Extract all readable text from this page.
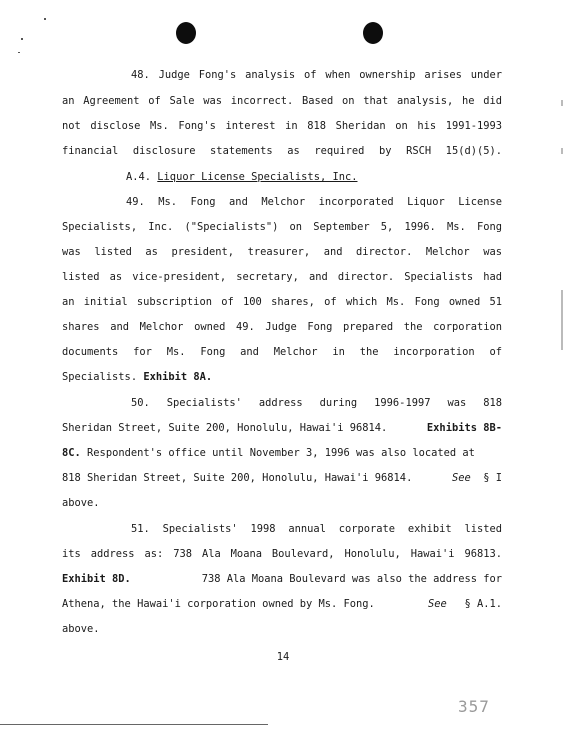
48. Judge Fong's analysis of when ownership arises under
an Agreement of Sale was incorrect. Based on that analysis, he did
not disclose Ms. Fong's interest in 818 Sheridan on his 1991-1993
financial disclosure statements as required by RSCH 15(d)(5).
A.4. Liquor License Specialists, Inc.
49. Ms. Fong and Melchor incorporated Liquor License
Specialists, Inc. ("Specialists") on September 5, 1996. Ms. Fong
was listed as president, treasurer, and director. Melchor was
listed as vice-president, secretary, and director. Specialists had
an initial subscription of 100 shares, of which Ms. Fong owned 51
shares and Melchor owned 49. Judge Fong prepared the corporation
documents for Ms. Fong and Melchor in the incorporation of
Specialists. Exhibit 8A.
50. Specialists' address during 1996-1997 was 818
Sheridan Street, Suite 200, Honolulu, Hawai'i 96814.	Exhibits 8B-
8C. Respondent's office until November 3, 1996 was also located at
818 Sheridan Street, Suite 200, Honolulu, Hawai'i 96814.	See § I
above.
51. Specialists' 1998 annual corporate exhibit listed
its address as: 738 Ala Moana Boulevard, Honolulu, Hawai'i 96813.
Exhibit 8D.	738 Ala Moana Boulevard was also the address for
Athena, the Hawai'i corporation owned by Ms. Fong.	See § A.1.
above.
14
357
